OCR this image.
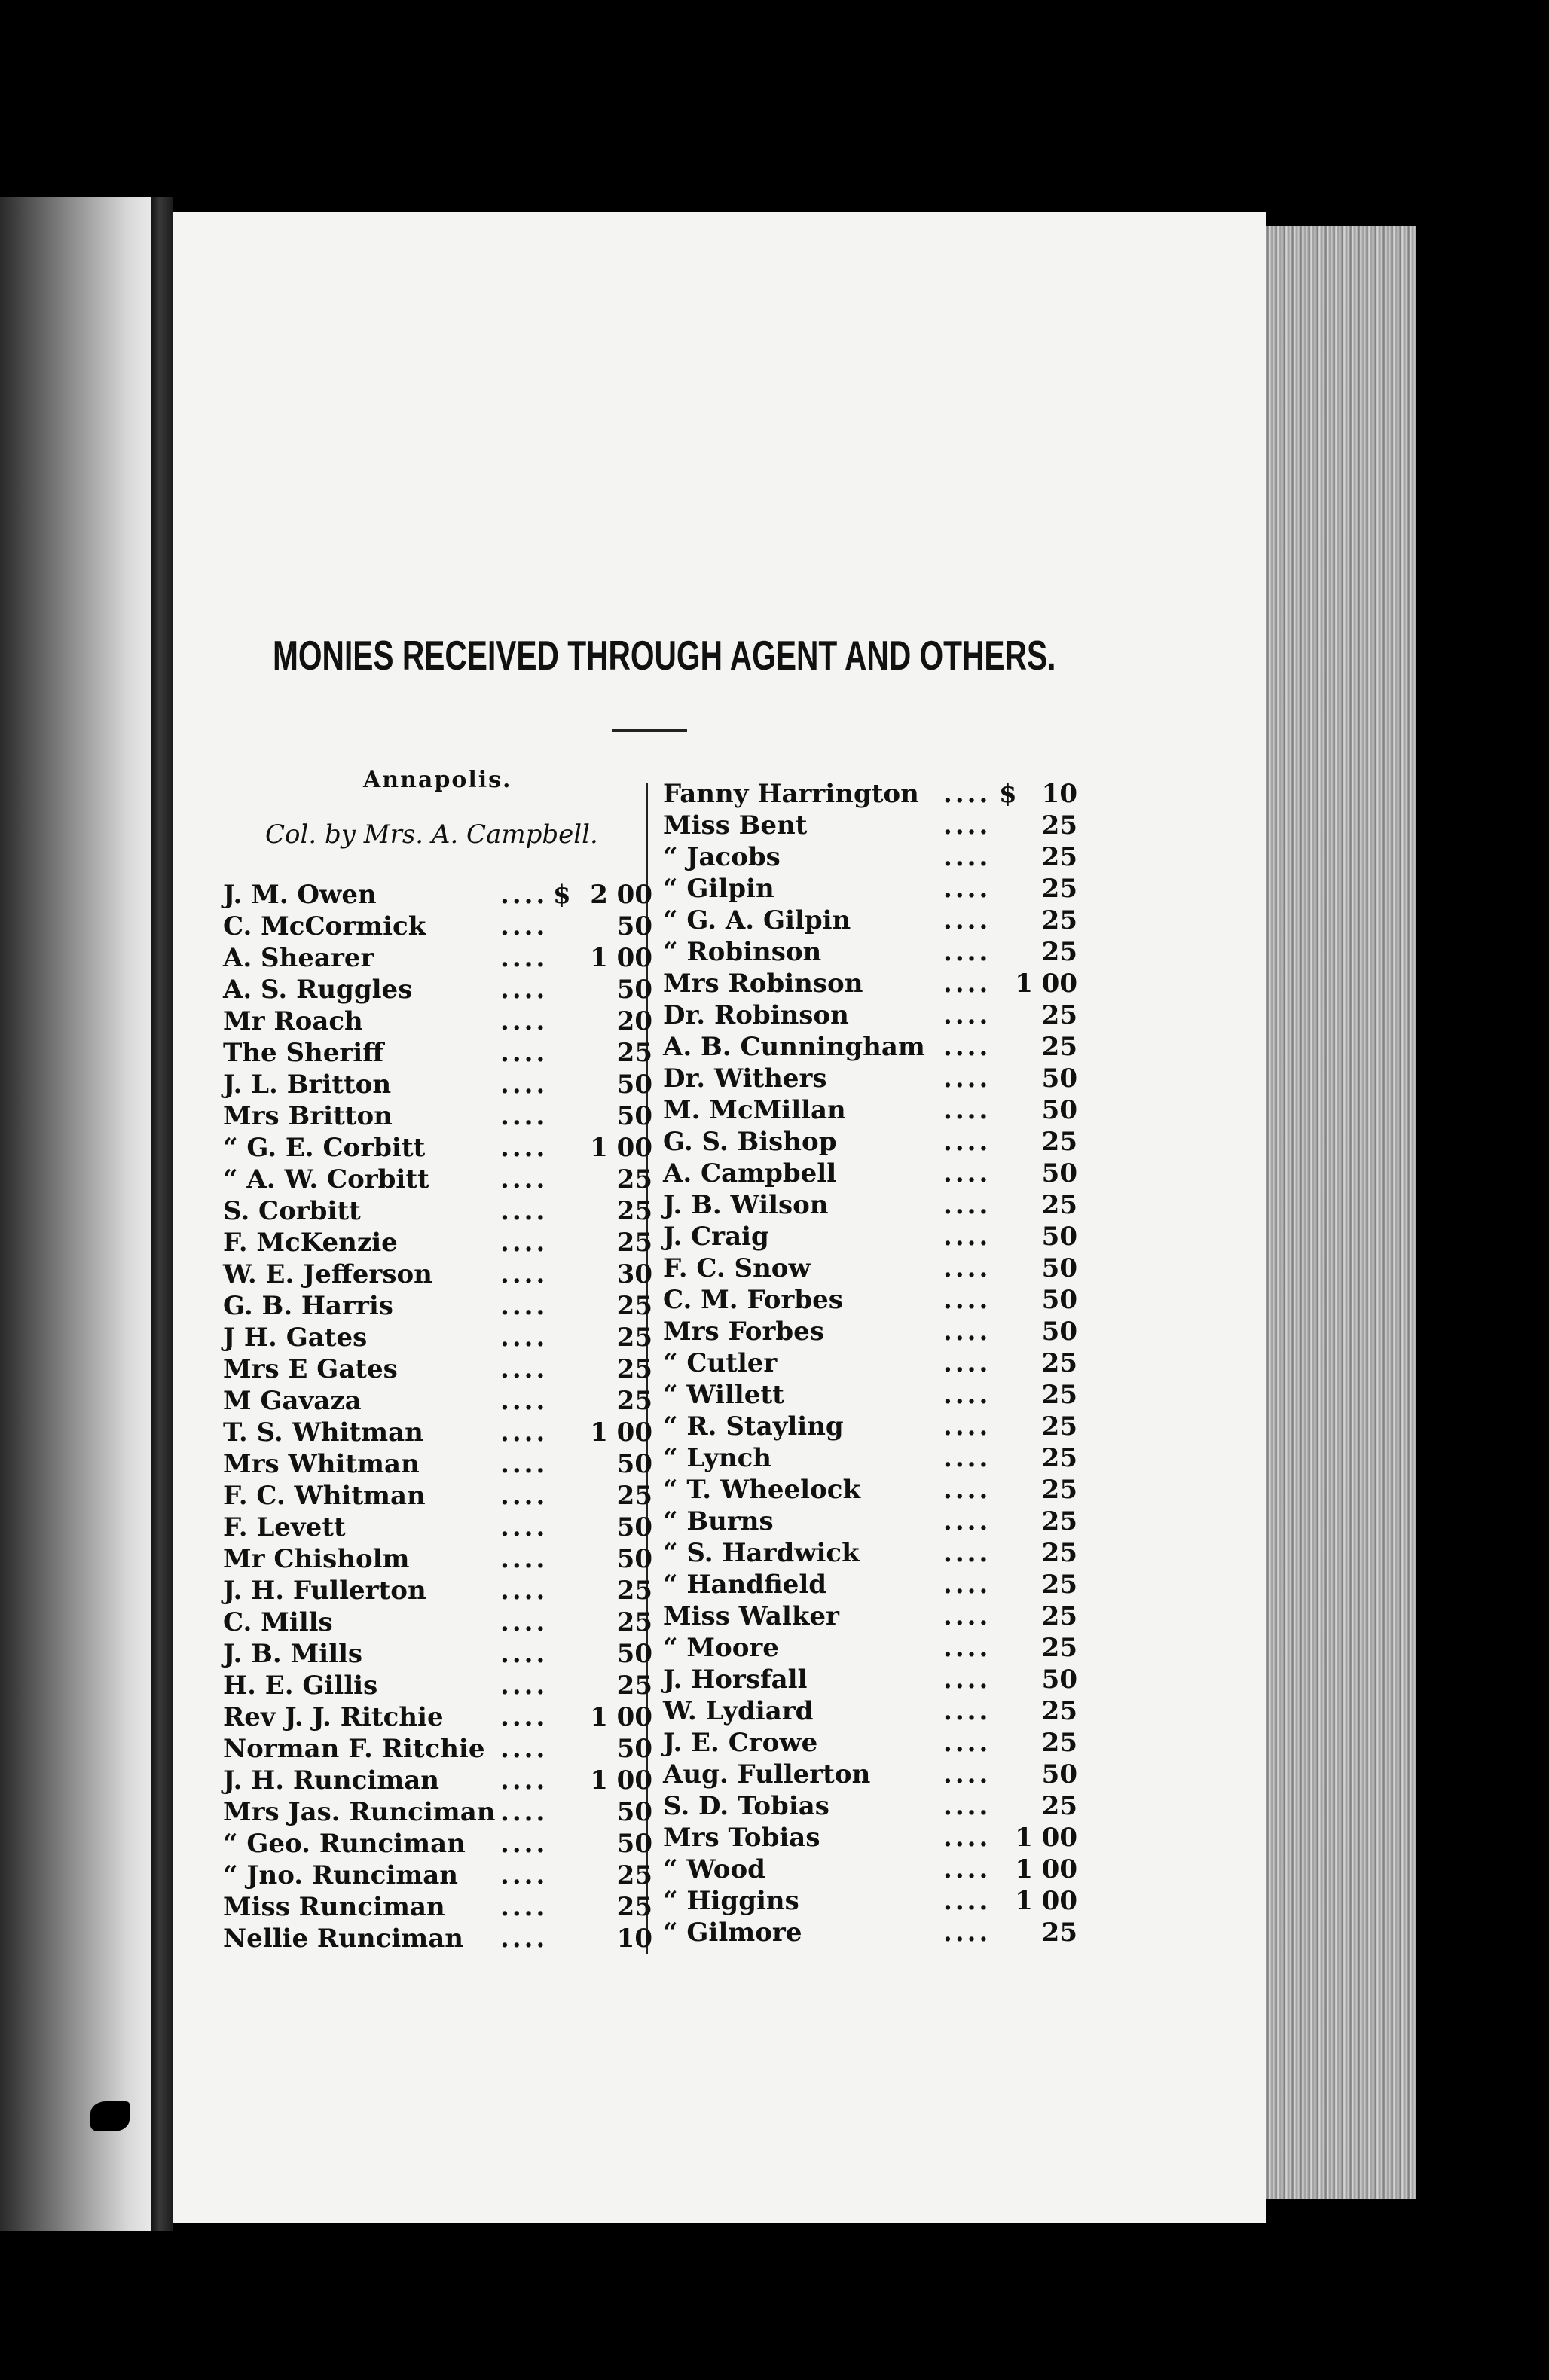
MONIES RECEIVED THROUGH AGENT AND OTHERS.
Annapolis.
Col. by Mrs. A. Campbell.
J. M. Owen	.... $ 2 00
C. McCormick	....	50
A. Shearer	....	1 00
A. S. Ruggles	....	50
Mr Roach	....	20
The Sheriff	....	25
J. L. Britton	....	50
Mrs Britton	....	50
“ G. E. Corbitt	....	1 00
“ A. W. Corbitt	....	25
S. Corbitt	....	25
F. McKenzie	....	25
W. E. Jefferson	....	30
G. B. Harris	....	25
J H. Gates	....	25
Mrs E Gates	....	25
M Gavaza	....	25
T. S. Whitman	....	1 00
Mrs Whitman	....	50
F. C. Whitman	....	25
F. Levett	....	50
Mr Chisholm	....	50
J. H. Fullerton	....	25
C. Mills	....	25
J. B. Mills	....	50
H. E. Gillis	....	25
Rev J. J. Ritchie ....	1 00
Norman F. Ritchie ....	50
J. H. Runciman ....	1 00
Mrs Jas. Runciman ....	50
“ Geo. Runciman ....	50
“ Jno. Runciman ....	25
Miss Runciman ....	25
Nellie Runciman ....	10
Fanny Harrington .... $ 10
Miss Bent	....	25
“ Jacobs	....	25
“ Gilpin	....	25
“ G. A. Gilpin	....	25
“ Robinson	....	25
Mrs Robinson	.... 1 00
Dr. Robinson	....	25
A. B. Cunningham ....	25
Dr. Withers	....	50
M. McMillan	....	50
G. S. Bishop	....	25
A. Campbell	....	50
J. B. Wilson	....	25
J. Craig	....	50
F. C. Snow	....	50
C. M. Forbes	....	50
Mrs Forbes	....	50
“ Cutler	....	25
“ Willett	....	25
“ R. Stayling	....	25
“ Lynch	....	25
“ T. Wheelock	....	25
“ Burns	....	25
“ S. Hardwick	....	25
“ Handfield	....	25
Miss Walker	....	25
“ Moore	....	25
J. Horsfall	....	50
W. Lydiard	....	25
J. E. Crowe	....	25
Aug. Fullerton	....	50
S. D. Tobias	....	25
Mrs Tobias	.... 1 00
“ Wood	.... 1 00
“ Higgins	.... 1 00
“ Gilmore	....	25
